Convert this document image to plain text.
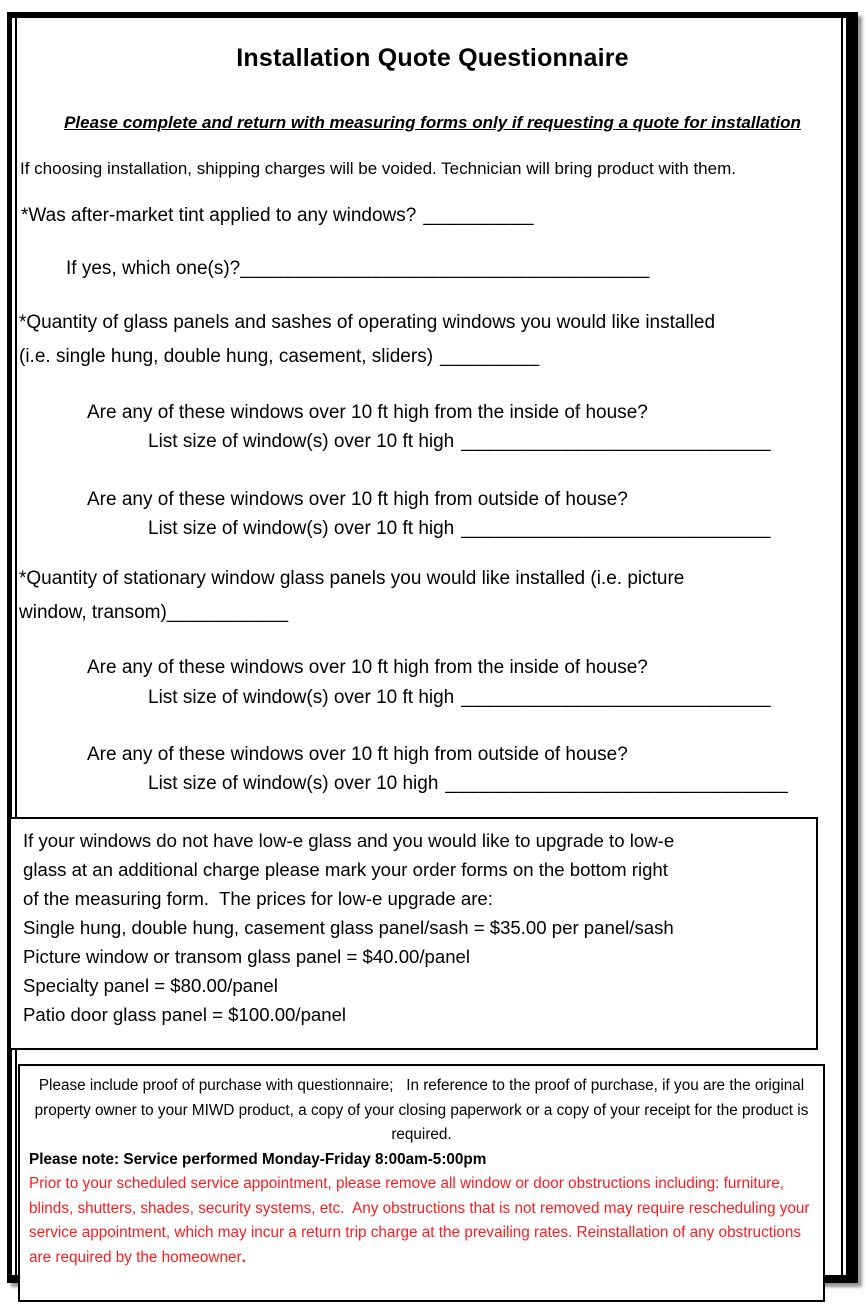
Installation Quote Questionnaire
Please complete and return with measuring forms only if requesting a quote for installation
If choosing installation, shipping charges will be voided. Technician will bring product with them.
*Was after-market tint applied to any windows? __________
If yes, which one(s)?_____________________________________
*Quantity of glass panels and sashes of operating windows you would like installed
(i.e. single hung, double hung, casement, sliders) _________
Are any of these windows over 10 ft high from the inside of house?
List size of window(s) over 10 ft high ____________________________
Are any of these windows over 10 ft high from outside of house?
List size of window(s) over 10 ft high ____________________________
*Quantity of stationary window glass panels you would like installed (i.e. picture
window, transom)___________
Are any of these windows over 10 ft high from the inside of house?
List size of window(s) over 10 ft high ____________________________
Are any of these windows over 10 ft high from outside of house?
List size of window(s) over 10 high _______________________________
If your windows do not have low-e glass and you would like to upgrade to low-e
glass at an additional charge please mark your order forms on the bottom right
of the measuring form.  The prices for low-e upgrade are:
Single hung, double hung, casement glass panel/sash = $35.00 per panel/sash
Picture window or transom glass panel = $40.00/panel
Specialty panel = $80.00/panel
Patio door glass panel = $100.00/panel

Please include proof of purchase with questionnaire;   In reference to the proof of purchase, if you are the original property owner to your MIWD product, a copy of your closing paperwork or a copy of your receipt for the product is required.

Please note: Service performed Monday-Friday 8:00am-5:00pm

Prior to your scheduled service appointment, please remove all window or door obstructions including: furniture, blinds, shutters, shades, security systems, etc.  Any obstructions that is not removed may require rescheduling your service appointment, which may incur a return trip charge at the prevailing rates. Reinstallation of any obstructions are required by the homeowner.
